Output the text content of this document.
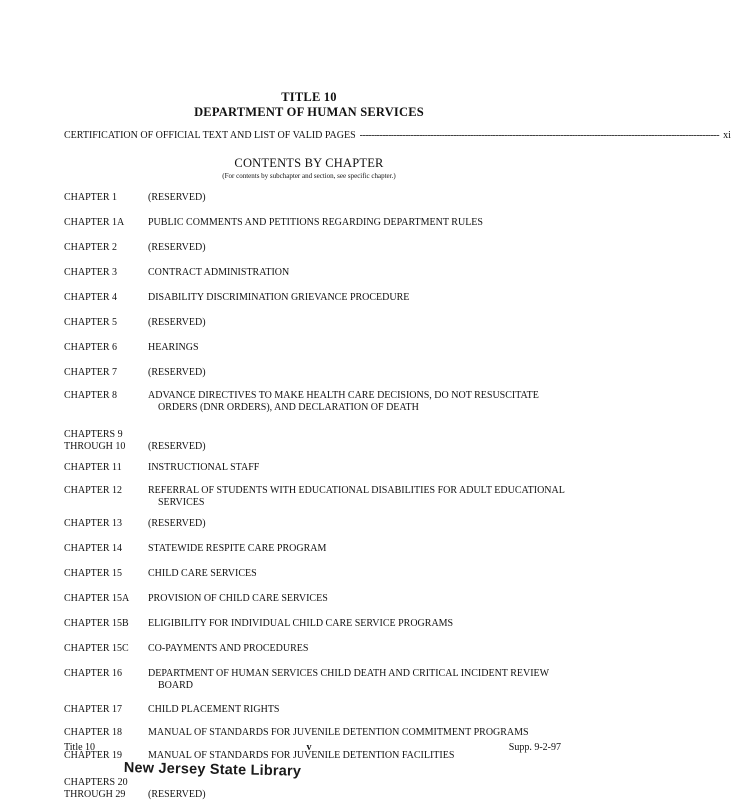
TITLE 10
DEPARTMENT OF HUMAN SERVICES
CERTIFICATION OF OFFICIAL TEXT AND LIST OF VALID PAGES ------------------------------------------------------------------------------------------------------------------------------- xi
CONTENTS BY CHAPTER
(For contents by subchapter and section, see specific chapter.)
CHAPTER 1	(RESERVED)
CHAPTER 1A	PUBLIC COMMENTS AND PETITIONS REGARDING DEPARTMENT RULES
CHAPTER 2	(RESERVED)
CHAPTER 3	CONTRACT ADMINISTRATION
CHAPTER 4	DISABILITY DISCRIMINATION GRIEVANCE PROCEDURE
CHAPTER 5	(RESERVED)
CHAPTER 6	HEARINGS
CHAPTER 7	(RESERVED)
CHAPTER 8	ADVANCE DIRECTIVES TO MAKE HEALTH CARE DECISIONS, DO NOT RESUSCITATE
ORDERS (DNR ORDERS), AND DECLARATION OF DEATH
CHAPTERS 9
THROUGH 10	(RESERVED)
CHAPTER 11	INSTRUCTIONAL STAFF
CHAPTER 12	REFERRAL OF STUDENTS WITH EDUCATIONAL DISABILITIES FOR ADULT EDUCATIONAL
SERVICES
CHAPTER 13	(RESERVED)
CHAPTER 14	STATEWIDE RESPITE CARE PROGRAM
CHAPTER 15	CHILD CARE SERVICES
CHAPTER 15A	PROVISION OF CHILD CARE SERVICES
CHAPTER 15B	ELIGIBILITY FOR INDIVIDUAL CHILD CARE SERVICE PROGRAMS
CHAPTER 15C	CO-PAYMENTS AND PROCEDURES
CHAPTER 16	DEPARTMENT OF HUMAN SERVICES CHILD DEATH AND CRITICAL INCIDENT REVIEW
BOARD
CHAPTER 17	CHILD PLACEMENT RIGHTS
CHAPTER 18	MANUAL OF STANDARDS FOR JUVENILE DETENTION COMMITMENT PROGRAMS
CHAPTER 19	MANUAL OF STANDARDS FOR JUVENILE DETENTION FACILITIES
CHAPTERS 20
THROUGH 29	(RESERVED)
Title 10	v	Supp. 9-2-97
New Jersey State Library
